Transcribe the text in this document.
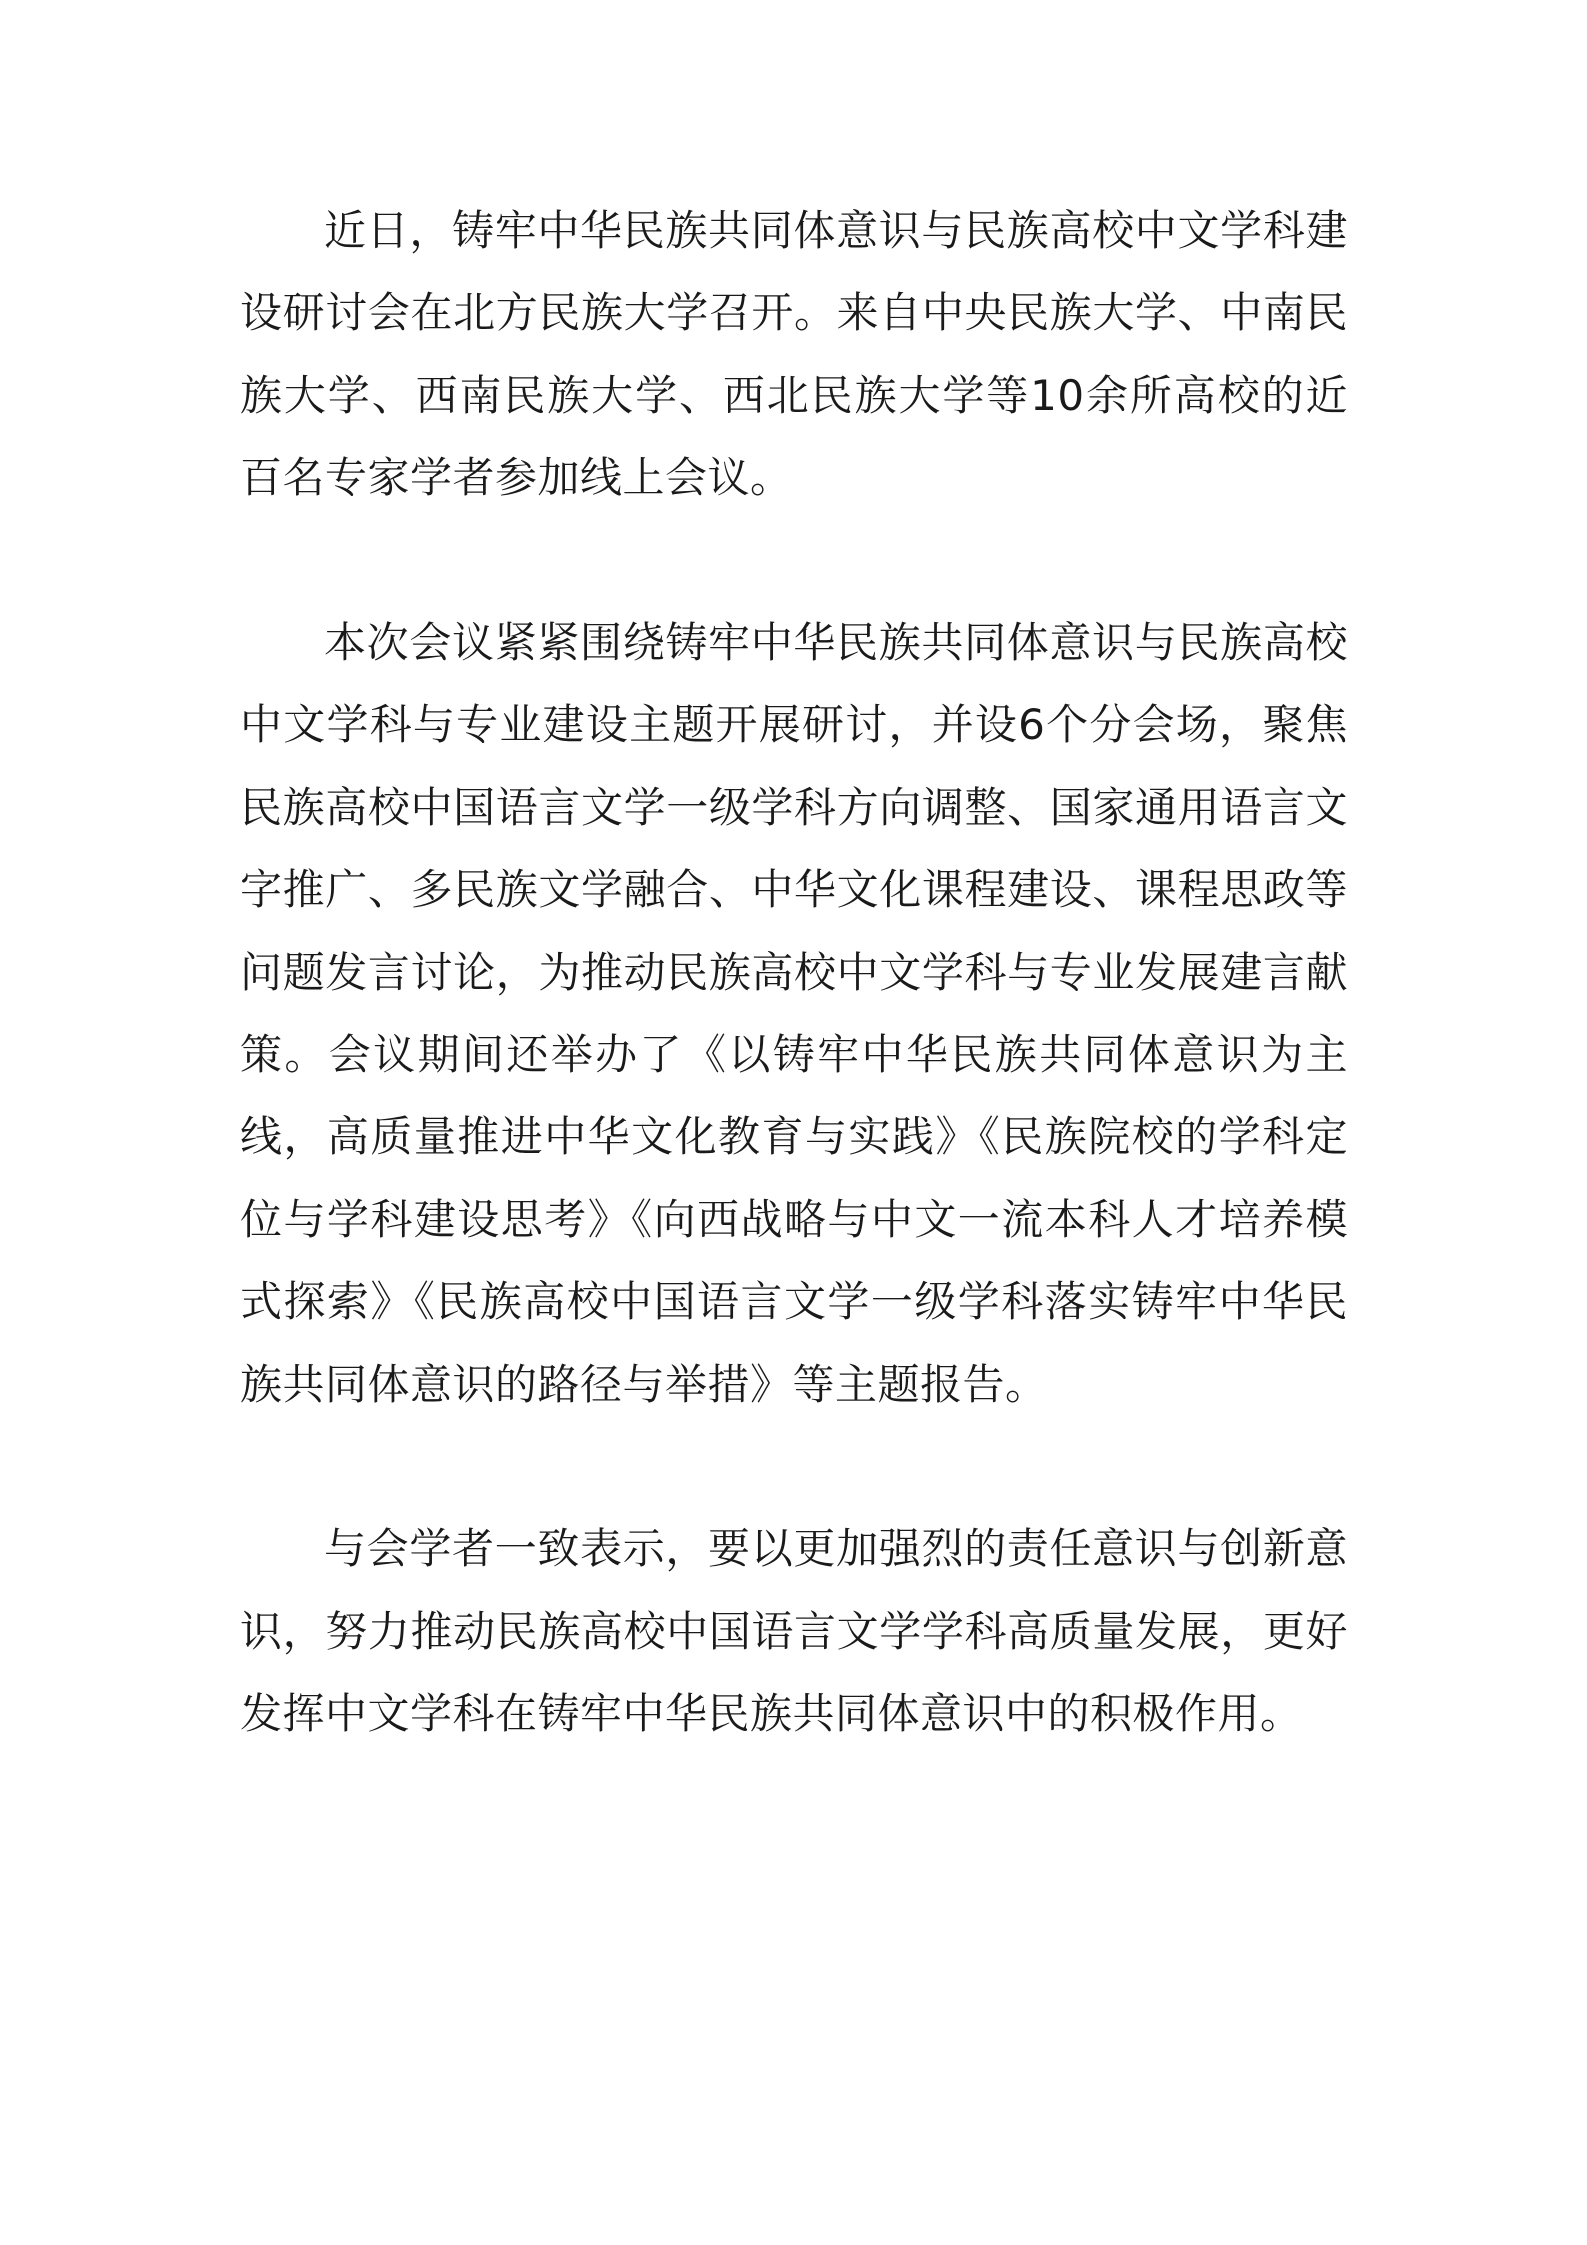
近日，铸牢中华民族共同体意识与民族高校中文学科建设研讨会在北方民族大学召开。来自中央民族大学、中南民族大学、西南民族大学、西北民族大学等10余所高校的近百名专家学者参加线上会议。

本次会议紧紧围绕铸牢中华民族共同体意识与民族高校中文学科与专业建设主题开展研讨，并设6个分会场，聚焦民族高校中国语言文学一级学科方向调整、国家通用语言文字推广、多民族文学融合、中华文化课程建设、课程思政等问题发言讨论，为推动民族高校中文学科与专业发展建言献策。会议期间还举办了《以铸牢中华民族共同体意识为主线，高质量推进中华文化教育与实践》《民族院校的学科定位与学科建设思考》《向西战略与中文一流本科人才培养模式探索》《民族高校中国语言文学一级学科落实铸牢中华民族共同体意识的路径与举措》等主题报告。

与会学者一致表示，要以更加强烈的责任意识与创新意识，努力推动民族高校中国语言文学学科高质量发展，更好发挥中文学科在铸牢中华民族共同体意识中的积极作用。
